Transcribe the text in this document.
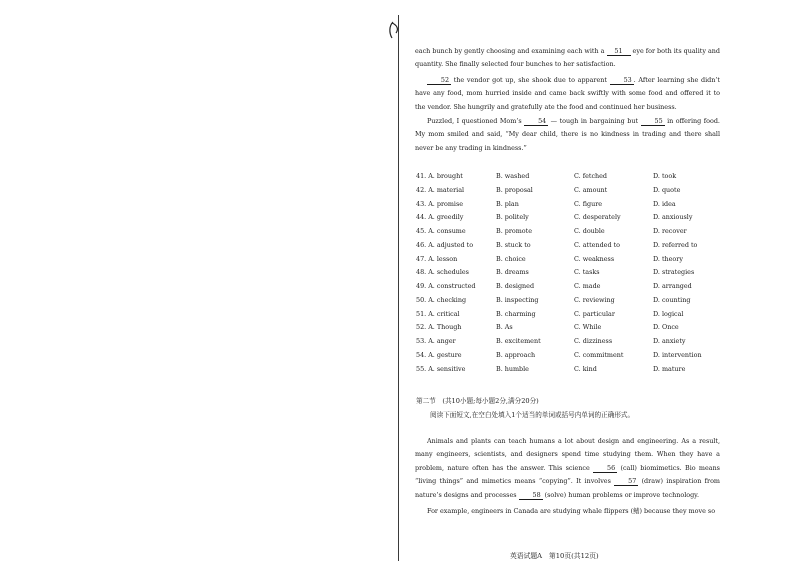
each bunch by gently choosing and examining each with a 51 eye for both its quality and quantity. She finally selected four bunches to her satisfaction.

52 the vendor got up, she shook due to apparent	53 . After learning she didn’t have any food, mom hurried inside and came back swiftly with some food and offered it to the vendor. She hungrily and gratefully ate the food and continued her business.

Puzzled, I questioned Mom’s	54 — tough in bargaining but	55 in offering food. My mom smiled and said, “My dear child, there is no kindness in trading and there shall never be any trading in kindness.”

41. A. brought	B. washed	C. fetched	D. took
42. A. material	B. proposal	C. amount	D. quote
43. A. promise	B. plan	C. figure	D. idea
44. A. greedily	B. politely	C. desperately	D. anxiously
45. A. consume	B. promote	C. double	D. recover
46. A. adjusted to	B. stuck to	C. attended to	D. referred to
47. A. lesson	B. choice	C. weakness	D. theory
48. A. schedules	B. dreams	C. tasks	D. strategies
49. A. constructed	B. designed	C. made	D. arranged
50. A. checking	B. inspecting	C. reviewing	D. counting
51. A. critical	B. charming	C. particular	D. logical
52. A. Though	B. As	C. While	D. Once
53. A. anger	B. excitement	C. dizziness	D. anxiety
54. A. gesture	B. approach	C. commitment	D. intervention
55. A. sensitive	B. humble	C. kind	D. mature
第二节　(共10小题;每小题2分,满分20分)
阅读下面短文,在空白处填入1个适当的单词或括号内单词的正确形式。

Animals and plants can teach humans a lot about design and engineering. As a result, many engineers, scientists, and designers spend time studying them. When they have a problem, nature often has the answer. This science	56 (call) biomimetics. Bio means “living things” and mimetics means “copying”. It involves	57 (draw) inspiration from nature’s designs and processes 58 (solve) human problems or improve technology.

For example, engineers in Canada are studying whale flippers (鳍) because they move so

英语试题A　第10页(共12页)
